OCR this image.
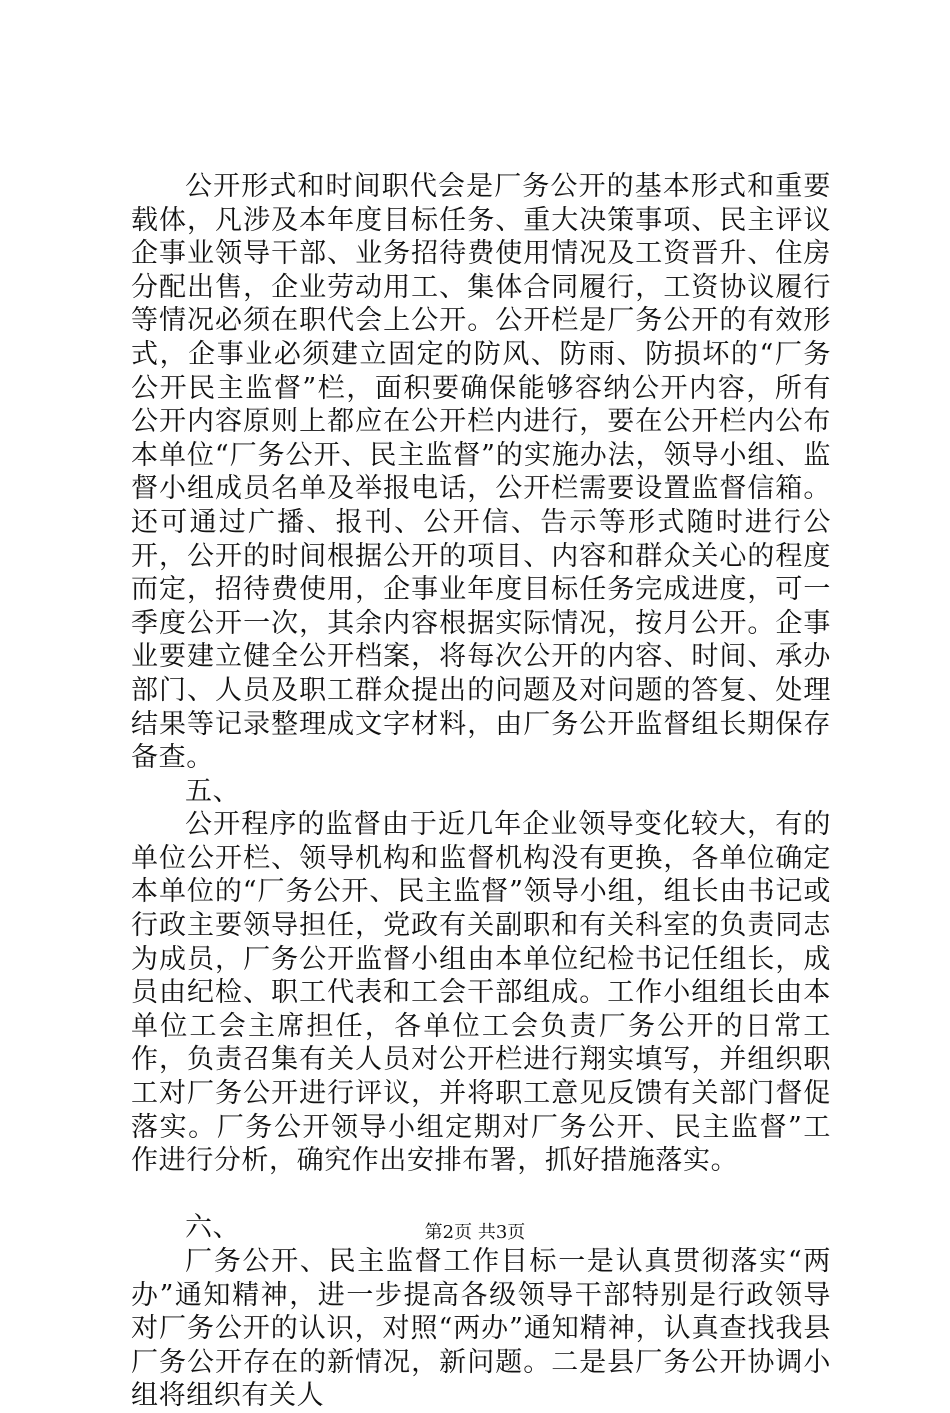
公开形式和时间职代会是厂务公开的基本形式和重要载体，凡涉及本年度目标任务、重大决策事项、民主评议企事业领导干部、业务招待费使用情况及工资晋升、住房分配出售，企业劳动用工、集体合同履行，工资协议履行等情况必须在职代会上公开。公开栏是厂务公开的有效形式，企事业必须建立固定的防风、防雨、防损坏的“厂务公开民主监督”栏，面积要确保能够容纳公开内容，所有公开内容原则上都应在公开栏内进行，要在公开栏内公布本单位“厂务公开、民主监督”的实施办法，领导小组、监督小组成员名单及举报电话，公开栏需要设置监督信箱。还可通过广播、报刊、公开信、告示等形式随时进行公开，公开的时间根据公开的项目、内容和群众关心的程度而定，招待费使用，企事业年度目标任务完成进度，可一季度公开一次，其余内容根据实际情况，按月公开。企事业要建立健全公开档案，将每次公开的内容、时间、承办部门、人员及职工群众提出的问题及对问题的答复、处理结果等记录整理成文字材料，由厂务公开监督组长期保存备查。

五、

公开程序的监督由于近几年企业领导变化较大，有的单位公开栏、领导机构和监督机构没有更换，各单位确定本单位的“厂务公开、民主监督”领导小组，组长由书记或行政主要领导担任，党政有关副职和有关科室的负责同志为成员，厂务公开监督小组由本单位纪检书记任组长，成员由纪检、职工代表和工会干部组成。工作小组组长由本单位工会主席担任，各单位工会负责厂务公开的日常工作，负责召集有关人员对公开栏进行翔实填写，并组织职工对厂务公开进行评议，并将职工意见反馈有关部门督促落实。厂务公开领导小组定期对厂务公开、民主监督”工作进行分析，确究作出安排布署，抓好措施落实。

六、

厂务公开、民主监督工作目标一是认真贯彻落实“两办”通知精神，进一步提高各级领导干部特别是行政领导对厂务公开的认识，对照“两办”通知精神，认真查找我县厂务公开存在的新情况，新问题。二是县厂务公开协调小组将组织有关人

第2页 共3页
